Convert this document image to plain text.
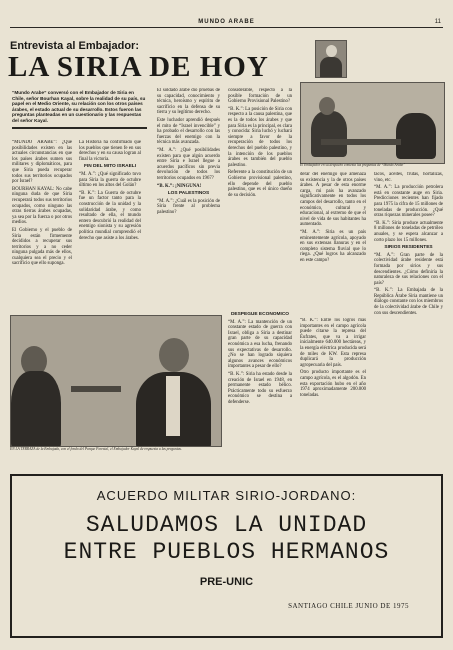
MUNDO ARABE	11
Entrevista al Embajador:
LA SIRIA DE HOY
El Embajador en su despacho contesta las preguntas de “Mundo Arabe”
“Mundo Arabe” conversó con el Embajador de Siria en Chile, señor Bourhan Kayal, sobre la realidad de su país, su papel en el Medio Oriente, su relación con los otros países árabes, el estado actual de su desarrollo. Estos fueron las preguntas planteadas en un cuestionario y las respuestas del señor Kayal.

“MUNDO ARABE”: ¿Qué posibilidades existen en las actuales circunstancias en que los países árabes sumen sus militares y diplomáticos, para que Siria pueda recuperar todos sus territorios ocupados por Israel?

BOURHAN KAYAL: No cabe ninguna duda de que Siria recuperará todos sus territorios ocupados, como ninguno las otras tierras árabes ocupadas, ya sea por la fuerza o por otros medios.

El Gobierno y el pueblo de Siria están firmemente decididos a recuperar sus territorios y a no ceder ninguna pulgada más de ellos, cualquiera sea el precio y el sacrificio que ello suponga.

La Historia ha confirmado que los pueblos que tienen fe en sus derechos y en su causa logran al final la victoria.

FIN DEL MITO ISRAELI

“M. A.”: ¿Qué significado tuvo para Siria la guerra de octubre último en los altos del Golán?

“B. K.”: La Guerra de octubre fue un factor tanto para la construcción de la unidad y la solidaridad árabe, y como resultado de ella, el mundo entero descubrió la realidad del enemigo sionista y su agresión política mundial comprendió el derecho que asiste a los árabes.

El soldado árabe dio pruebas de su capacidad, conocimiento y técnica, heroísmo y espíritu de sacrificio en la defensa de su tierra y su legítimo derecho.

Este luchador aprendió después el mito de “Israel invencible” y ha probado el desarrollo con las fuerzas del enemigo con la técnica más avanzada.

“M. A.”: ¿Qué posibilidades existen para que algún acuerdo entre Siria e Israel llegue a acuerdos pacíficos sin previa devolución de todos los territorios ocupados en 1967?

“B. K.”: ¡NINGUNA!

LOS PALESTINOS

“M. A.”: ¿Cuál es la posición de Siria frente al problema palestino?

considerable, respecto a la posible formación de un Gobierno Provisional Palestino?

“B. K.”: La posición de Siria con respecto a la causa palestina, que es la de todos los árabes y que para Siria es la principal, es clara y conocida: Siria luchó y luchará siempre a favor de la recuperación de todos los derechos del pueblo palestino, y la intención de los pueblos árabes es también del pueblo palestino.

Referente a la constitución de un Gobierno provisional palestino, ello depende del pueblo palestino, que es el único dueño de su decisión.

EN LA TERRAZA de la Embajada, con el fondo del Parque Forestal, el Embajador Kayal de respuesta a las preguntas.

DESPEGUE ECONOMICO

“M. A.”: La mantención de un constante estado de guerra con Israel, obliga a Siria a destinar gran parte de su capacidad económica a esa lucha, frenando sus expectativas de desarrollo. ¿No se han logrado siquiera algunos avances económicos importantes a pesar de ello?

“B. K.”: Siria ha estado desde la creación de Israel en 1948, en permanente estado bélico. Prácticamente todo su esfuerzo económico se destina a defenderse.

derar del enemigo que amenaza su existencia y la de otros países árabes. A pesar de esta enorme carga, mi país ha avanzado significativamente en todos los campos del desarrollo, tanto en el económico, cultural y educacional, al extremo de que el nivel de vida de sus habitantes ha aumentado.

“M. A.”: Siria es un país eminentemente agrícola, apoyado en sus extensas llanuras y en el completo sistema fluvial que lo riega. ¿Qué logros ha alcanzado en este campo?

“B. K.”: Entre los logros más importantes en el campo agrícola puede citarse la represa del Éufrates, que va a irrigar inicialmente 640.000 hectáreas, y la energía eléctrica producida será de miles de KW. Esta represa duplicará la producción agropecuaria del país.

Otro producto importante es el campo agrícola, es el algodón. En esta exportación hubo en el año 1974 aproximadamente 200.000 toneladas.

tacos, aceites, frutas, hortalizas, vino, etc.

“M. A.”: La producción petrolera está en constante auge en Siria. Predicciones recientes han fijado para 1975 la cifra de 15 millones de toneladas de producción. ¿Qué otras riquezas minerales posee?

“B. K.”: Siria produce actualmente 8 millones de toneladas de petróleo anuales, y se espera alcanzar a corto plazo los 15 millones.

SIRIOS RESIDENTES

“M. A.”: Gran parte de la colectividad árabe residente está formada por sirios y sus descendientes. ¿Cómo definiría la naturaleza de sus relaciones con el país?

“B. K.”: La Embajada de la República Árabe Siria mantiene un diálogo constante con los miembros de la colectividad árabe de Chile y con sus descendientes.

ACUERDO MILITAR SIRIO-JORDANO:
SALUDAMOS LA UNIDAD
ENTRE PUEBLOS HERMANOS
PRE-UNIC
SANTIAGO CHILE JUNIO DE 1975
